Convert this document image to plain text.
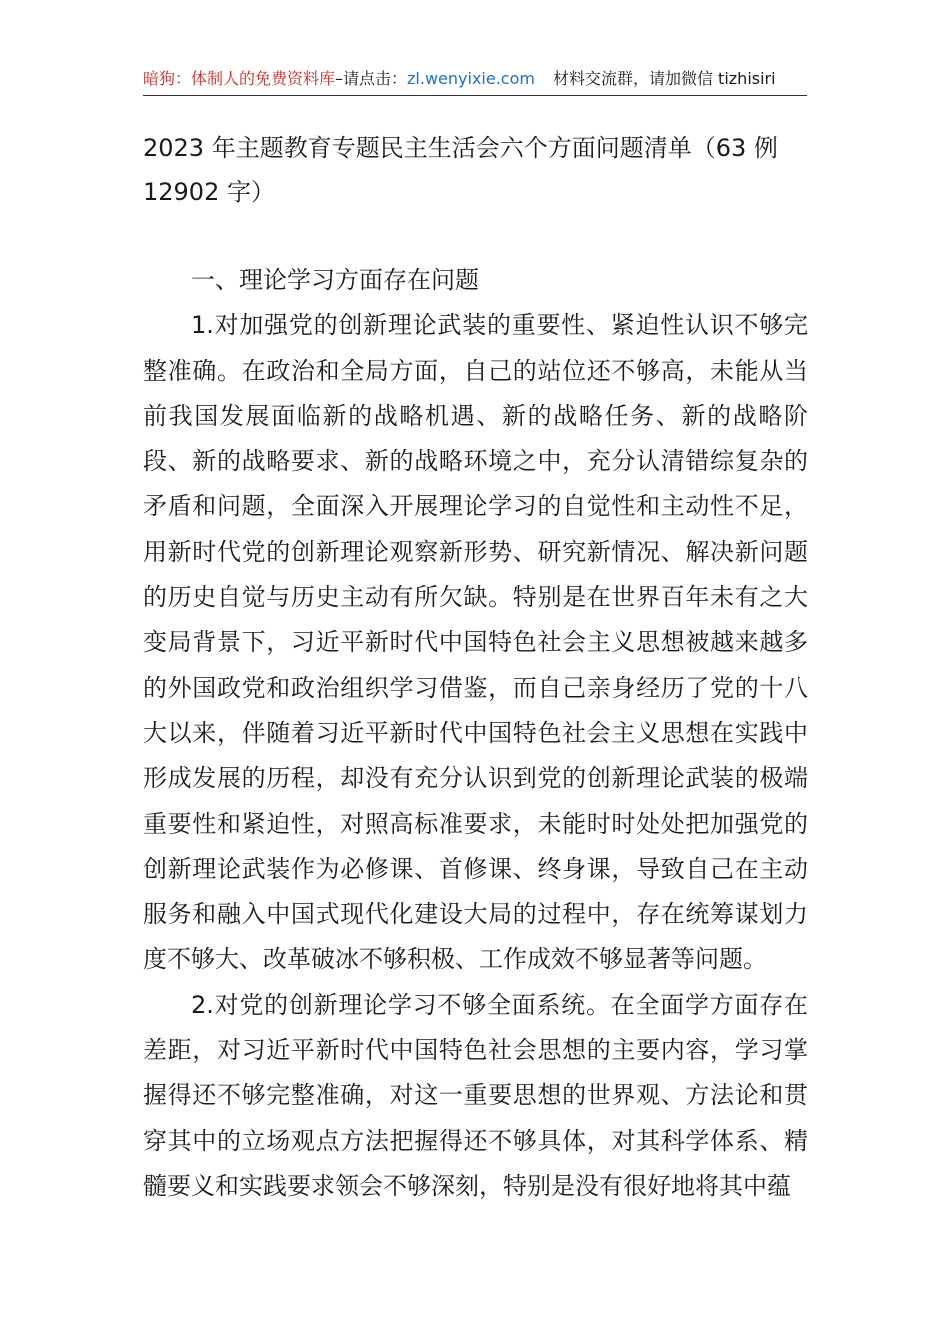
暗狗：体制人的免费资料库–请点击：zl.wenyixie.com 材料交流群，请加微信 tizhisiri
2023 年主题教育专题民主生活会六个方面问题清单（63 例 12902 字）

一、理论学习方面存在问题

1.对加强党的创新理论武装的重要性、紧迫性认识不够完整准确。在政治和全局方面，自己的站位还不够高，未能从当前我国发展面临新的战略机遇、新的战略任务、新的战略阶段、新的战略要求、新的战略环境之中，充分认清错综复杂的矛盾和问题，全面深入开展理论学习的自觉性和主动性不足，用新时代党的创新理论观察新形势、研究新情况、解决新问题的历史自觉与历史主动有所欠缺。特别是在世界百年未有之大变局背景下，习近平新时代中国特色社会主义思想被越来越多的外国政党和政治组织学习借鉴，而自己亲身经历了党的十八大以来，伴随着习近平新时代中国特色社会主义思想在实践中形成发展的历程，却没有充分认识到党的创新理论武装的极端重要性和紧迫性，对照高标准要求，未能时时处处把加强党的创新理论武装作为必修课、首修课、终身课，导致自己在主动服务和融入中国式现代化建设大局的过程中，存在统筹谋划力度不够大、改革破冰不够积极、工作成效不够显著等问题。

2.对党的创新理论学习不够全面系统。在全面学方面存在差距，对习近平新时代中国特色社会思想的主要内容，学习掌握得还不够完整准确，对这一重要思想的世界观、方法论和贯穿其中的立场观点方法把握得还不够具体，对其科学体系、精髓要义和实践要求领会不够深刻，特别是没有很好地将其中蕴
